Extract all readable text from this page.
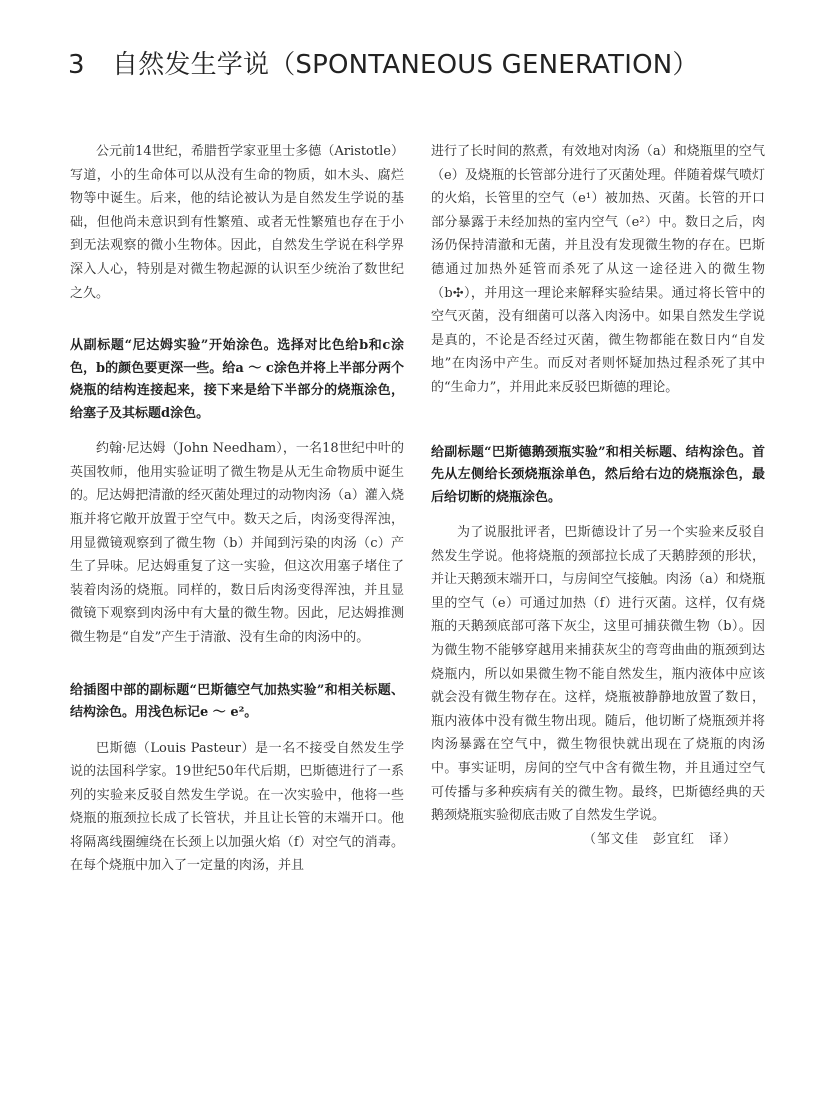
3 自然发生学说（SPONTANEOUS GENERATION）

公元前14世纪，希腊哲学家亚里士多德（Aristotle）写道，小的生命体可以从没有生命的物质，如木头、腐烂物等中诞生。后来，他的结论被认为是自然发生学说的基础，但他尚未意识到有性繁殖、或者无性繁殖也存在于小到无法观察的微小生物体。因此，自然发生学说在科学界深入人心，特别是对微生物起源的认识至少统治了数世纪之久。

从副标题“尼达姆实验”开始涂色。选择对比色给b和c涂色，b的颜色要更深一些。给a ～ c涂色并将上半部分两个烧瓶的结构连接起来，接下来是给下半部分的烧瓶涂色，给塞子及其标题d涂色。

约翰·尼达姆（John Needham），一名18世纪中叶的英国牧师，他用实验证明了微生物是从无生命物质中诞生的。尼达姆把清澈的经灭菌处理过的动物肉汤（a）灌入烧瓶并将它敞开放置于空气中。数天之后，肉汤变得浑浊，用显微镜观察到了微生物（b）并闻到污染的肉汤（c）产生了异味。尼达姆重复了这一实验，但这次用塞子堵住了装着肉汤的烧瓶。同样的，数日后肉汤变得浑浊，并且显微镜下观察到肉汤中有大量的微生物。因此，尼达姆推测微生物是“自发”产生于清澈、没有生命的肉汤中的。

给插图中部的副标题“巴斯德空气加热实验”和相关标题、结构涂色。用浅色标记e ～ e²。

巴斯德（Louis Pasteur）是一名不接受自然发生学说的法国科学家。19世纪50年代后期，巴斯德进行了一系列的实验来反驳自然发生学说。在一次实验中，他将一些烧瓶的瓶颈拉长成了长管状，并且让长管的末端开口。他将隔离线圈缠绕在长颈上以加强火焰（f）对空气的消毒。在每个烧瓶中加入了一定量的肉汤，并且

进行了长时间的熬煮，有效地对肉汤（a）和烧瓶里的空气（e）及烧瓶的长管部分进行了灭菌处理。伴随着煤气喷灯的火焰，长管里的空气（e¹）被加热、灭菌。长管的开口部分暴露于未经加热的室内空气（e²）中。数日之后，肉汤仍保持清澈和无菌，并且没有发现微生物的存在。巴斯德通过加热外延管而杀死了从这一途径进入的微生物（b✣），并用这一理论来解释实验结果。通过将长管中的空气灭菌，没有细菌可以落入肉汤中。如果自然发生学说是真的，不论是否经过灭菌，微生物都能在数日内“自发地”在肉汤中产生。而反对者则怀疑加热过程杀死了其中的“生命力”，并用此来反驳巴斯德的理论。

给副标题“巴斯德鹅颈瓶实验”和相关标题、结构涂色。首先从左侧给长颈烧瓶涂单色，然后给右边的烧瓶涂色，最后给切断的烧瓶涂色。

为了说服批评者，巴斯德设计了另一个实验来反驳自然发生学说。他将烧瓶的颈部拉长成了天鹅脖颈的形状，并让天鹅颈末端开口，与房间空气接触。肉汤（a）和烧瓶里的空气（e）可通过加热（f）进行灭菌。这样，仅有烧瓶的天鹅颈底部可落下灰尘，这里可捕获微生物（b）。因为微生物不能够穿越用来捕获灰尘的弯弯曲曲的瓶颈到达烧瓶内，所以如果微生物不能自然发生，瓶内液体中应该就会没有微生物存在。这样，烧瓶被静静地放置了数日，瓶内液体中没有微生物出现。随后，他切断了烧瓶颈并将肉汤暴露在空气中，微生物很快就出现在了烧瓶的肉汤中。事实证明，房间的空气中含有微生物，并且通过空气可传播与多种疾病有关的微生物。最终，巴斯德经典的天鹅颈烧瓶实验彻底击败了自然发生学说。

（邹文佳　彭宜红　译）
